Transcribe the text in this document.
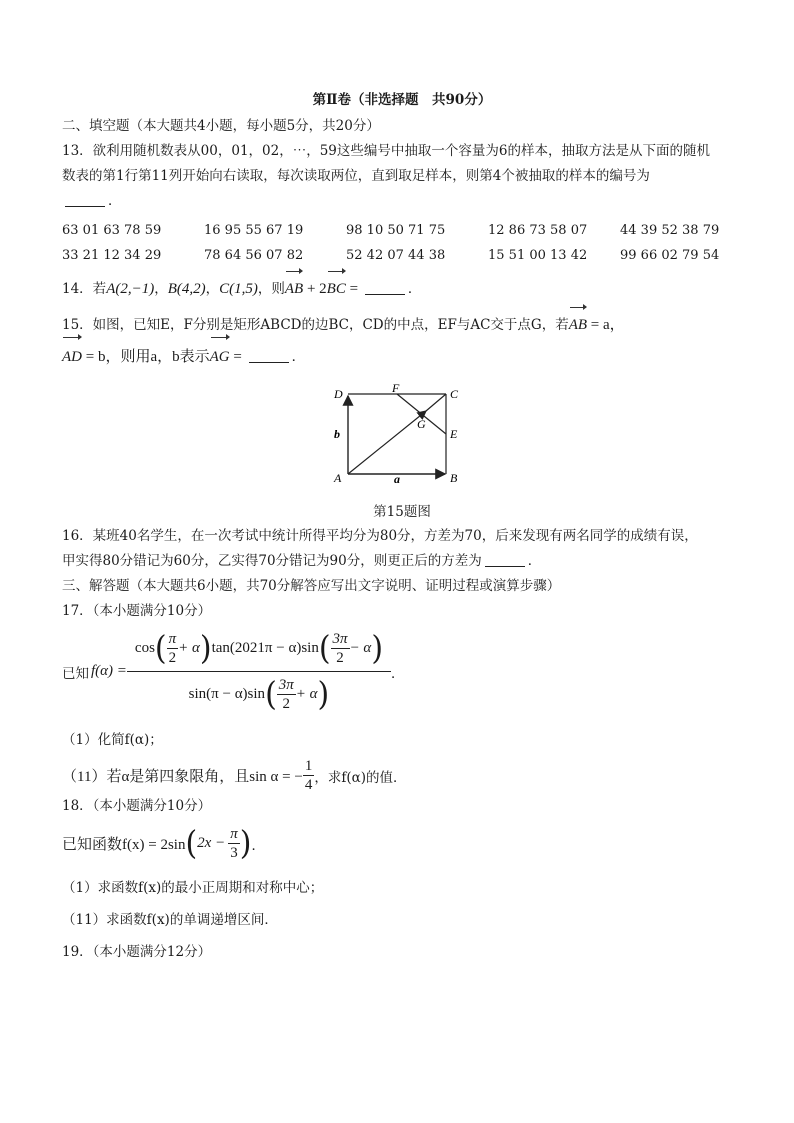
第Ⅱ卷（非选择题　共90分）
二、填空题（本大题共4小题，每小题5分，共20分）
13．欲利用随机数表从00，01，02，⋯，59这些编号中抽取一个容量为6的样本，抽取方法是从下面的随机
数表的第1行第11列开始向右读取，每次读取两位，直到取足样本，则第4个被抽取的样本的编号为
．
63 01 63 78 59	16 95 55 67 19	98 10 50 71 75	12 86 73 58 07	44 39 52 38 79
33 21 12 34 29	78 64 56 07 82	52 42 07 44 38	15 51 00 13 42	99 66 02 79 54
14．若A(2,−1)，B(4,2)，C(1,5)，则AB + 2BC =	．
15．如图，已知E，F分别是矩形ABCD的边BC，CD的中点，EF与AC交于点G，若AB = a，
AD = b，则用a，b表示AG =	．
D	F	C
G
E
b
A	a	B
第15题图
16．某班40名学生，在一次考试中统计所得平均分为80分，方差为70，后来发现有两名同学的成绩有误，
甲实得80分错记为60分，乙实得70分错记为90分，则更正后的方差为	．
三、解答题（本大题共6小题，共70分解答应写出文字说明、证明过程或演算步骤）
17．（本小题满分10分）
已知 $f(\alpha) = \frac{\cos( \frac{\pi}{2} + \alpha)\tan(2021\pi - \alpha)\sin( \frac{3\pi}{2} - \alpha)}{\sin(\pi - \alpha)\sin( \frac{3\pi}{2} + \alpha)}$ ．
（1）化简f(α)；
（11）若α是第四象限角，且sin α = − $\frac{1}{4}$ ，求f(α)的值．
18．（本小题满分10分）
已知函数f(x) = 2sin ( $2x - \frac{\pi}{3}$ ) ．
（1）求函数f(x)的最小正周期和对称中心；
（11）求函数f(x)的单调递增区间．
19．（本小题满分12分）
